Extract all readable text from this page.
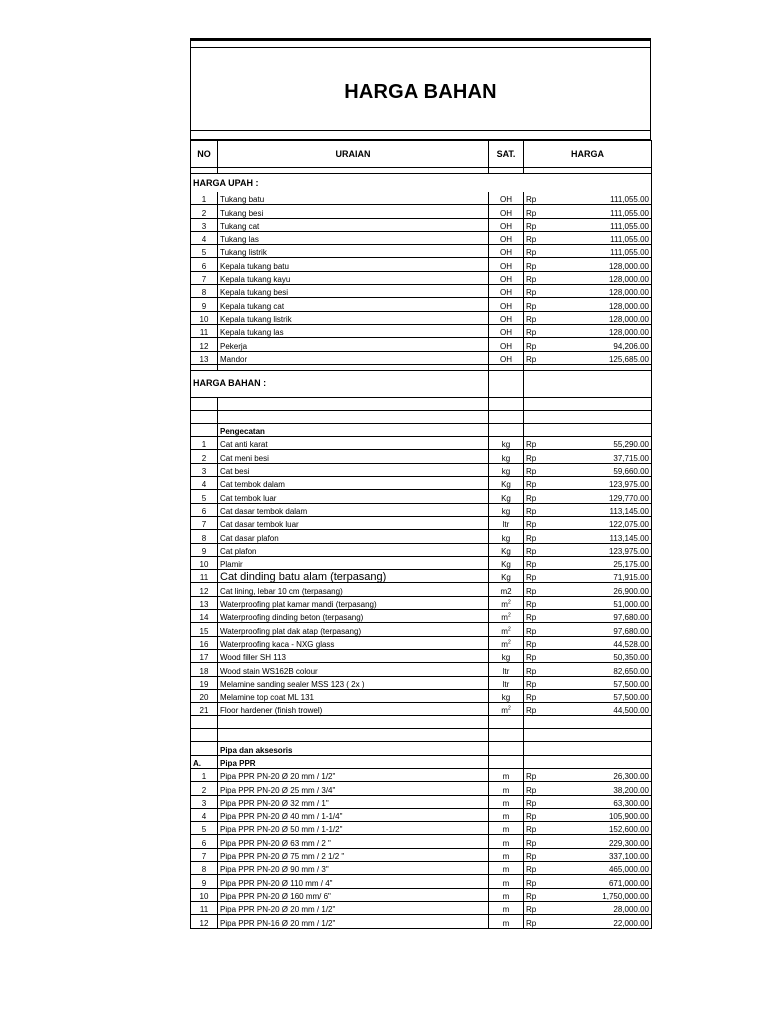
HARGA BAHAN
NO	URAIAN	SAT.	HARGA	

HARGA UPAH :				
1	Tukang batu	OH	Rp	111,055.00
2	Tukang besi	OH	Rp	111,055.00
3	Tukang cat	OH	Rp	111,055.00
4	Tukang las	OH	Rp	111,055.00
5	Tukang listrik	OH	Rp	111,055.00
6	Kepala tukang batu	OH	Rp	128,000.00
7	Kepala tukang kayu	OH	Rp	128,000.00
8	Kepala tukang besi	OH	Rp	128,000.00
9	Kepala tukang cat	OH	Rp	128,000.00
10	Kepala tukang listrik	OH	Rp	128,000.00
11	Kepala tukang las	OH	Rp	128,000.00
12	Pekerja	OH	Rp	94,206.00
13	Mandor	OH	Rp	125,685.00

HARGA BAHAN :				

	Pengecatan			
1	Cat anti karat	kg	Rp	55,290.00
2	Cat meni besi	kg	Rp	37,715.00
3	Cat besi	kg	Rp	59,660.00
4	Cat tembok dalam	Kg	Rp	123,975.00
5	Cat tembok luar	Kg	Rp	129,770.00
6	Cat dasar tembok dalam	kg	Rp	113,145.00
7	Cat dasar tembok luar	ltr	Rp	122,075.00
8	Cat dasar plafon	kg	Rp	113,145.00
9	Cat plafon	Kg	Rp	123,975.00
10	Plamir	Kg	Rp	25,175.00
11	Cat dinding batu alam (terpasang)	Kg	Rp	71,915.00
12	Cat lining, lebar 10 cm (terpasang)	m2	Rp	26,900.00
13	Waterproofing plat kamar mandi (terpasang)	$m^2$	Rp	51,000.00
14	Waterproofing dinding beton (terpasang)	$m^2$	Rp	97,680.00
15	Waterproofing plat dak atap (terpasang)	$m^2$	Rp	97,680.00
16	Waterproofing kaca - NXG glass	$m^2$	Rp	44,528.00
17	Wood filler SH 113	kg	Rp	50,350.00
18	Wood stain WS162B colour	ltr	Rp	82,650.00
19	Melamine sanding sealer MSS 123 ( 2x )	ltr	Rp	57,500.00
20	Melamine top coat ML 131	kg	Rp	57,500.00
21	Floor hardener (finish trowel)	$m^2$	Rp	44,500.00

	Pipa dan aksesoris			
A.	Pipa PPR			
1	Pipa PPR PN-20 Ø 20 mm / 1/2"	m	Rp	26,300.00
2	Pipa PPR PN-20 Ø 25 mm / 3/4"	m	Rp	38,200.00
3	Pipa PPR PN-20 Ø 32 mm / 1"	m	Rp	63,300.00
4	Pipa PPR PN-20 Ø 40 mm / 1-1/4"	m	Rp	105,900.00
5	Pipa PPR PN-20 Ø 50 mm / 1-1/2"	m	Rp	152,600.00
6	Pipa PPR PN-20 Ø 63 mm / 2 "	m	Rp	229,300.00
7	Pipa PPR PN-20 Ø 75 mm / 2 1/2 "	m	Rp	337,100.00
8	Pipa PPR PN-20 Ø 90 mm / 3"	m	Rp	465,000.00
9	Pipa PPR PN-20 Ø 110 mm / 4"	m	Rp	671,000.00
10	Pipa PPR PN-20 Ø 160 mm/ 6"	m	Rp	1,750,000.00
11	Pipa PPR PN-20 Ø 20 mm / 1/2"	m	Rp	28,000.00
12	Pipa PPR PN-16 Ø 20 mm / 1/2"	m	Rp	22,000.00
